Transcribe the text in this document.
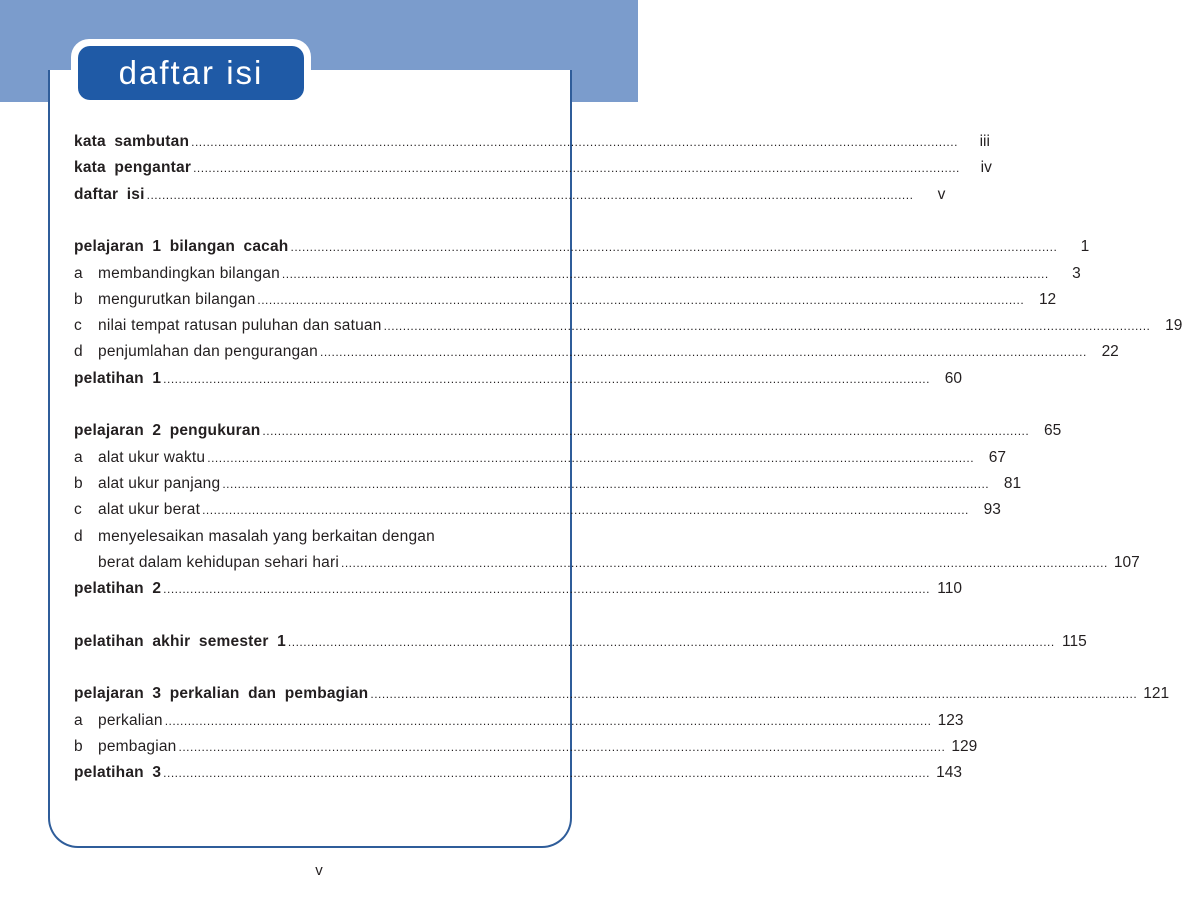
daftar isi
kata sambutan ........................................................................................................................................................................................................	iii
kata pengantar ........................................................................................................................................................................................................	iv
daftar isi ........................................................................................................................................................................................................	v
pelajaran 1 bilangan cacah ........................................................................................................................................................................................................	1
a membandingkan bilangan ........................................................................................................................................................................................................	3
b mengurutkan bilangan ........................................................................................................................................................................................................ 12
c nilai tempat ratusan puluhan dan satuan ........................................................................................................................................................................................................ 19
d penjumlahan dan pengurangan ........................................................................................................................................................................................................ 22
pelatihan 1 ........................................................................................................................................................................................................ 60
pelajaran 2 pengukuran ........................................................................................................................................................................................................ 65
a alat ukur waktu ........................................................................................................................................................................................................ 67
b alat ukur panjang ........................................................................................................................................................................................................ 81
c alat ukur berat ........................................................................................................................................................................................................ 93
d menyelesaikan masalah yang berkaitan dengan
berat dalam kehidupan sehari hari ........................................................................................................................................................................................................ 107
pelatihan 2 ........................................................................................................................................................................................................ 110
pelatihan akhir semester 1 ........................................................................................................................................................................................................ 115
pelajaran 3 perkalian dan pembagian ........................................................................................................................................................................................................ 121
a perkalian ........................................................................................................................................................................................................ 123
b pembagian ........................................................................................................................................................................................................ 129
pelatihan 3 ........................................................................................................................................................................................................ 143
v
